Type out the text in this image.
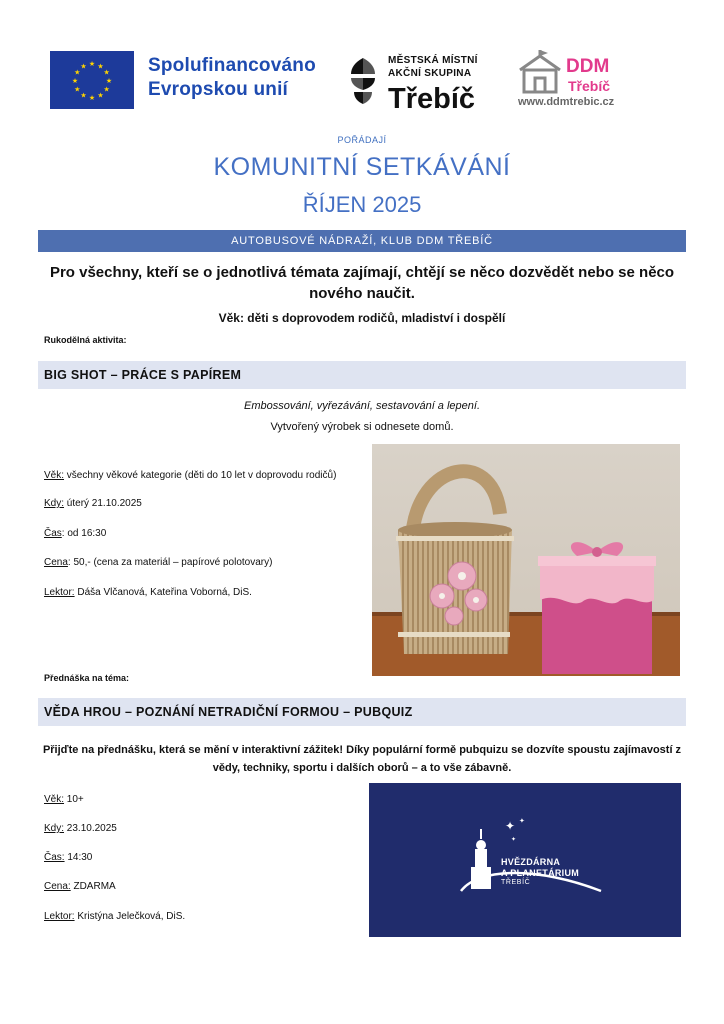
★ ★
★
★
★
★
★
★
★
★
★
★	Spolufinancováno
Evropskou unií
MĚSTSKÁ MÍSTNÍ
AKČNÍ SKUPINA
Třebíč
DDM
Třebíč
www.ddmtrebic.cz
POŘÁDAJÍ
KOMUNITNÍ SETKÁVÁNÍ
ŘÍJEN 2025
AUTOBUSOVÉ NÁDRAŽÍ, KLUB DDM TŘEBÍČ
Pro všechny, kteří se o jednotlivá témata zajímají, chtějí se něco dozvědět nebo se něco nového naučit.
Věk: děti s doprovodem rodičů, mladiství i dospělí
Rukodělná aktivita:
BIG SHOT – PRÁCE S PAPÍREM
Embossování, vyřezávání, sestavování a lepení.
Vytvořený výrobek si odnesete domů.
Věk: všechny věkové kategorie (děti do 10 let v doprovodu rodičů)
Kdy: úterý 21.10.2025
Čas: od 16:30
Cena: 50,- (cena za materiál – papírové polotovary)
Lektor: Dáša Vlčanová, Kateřina Voborná, DiS.
Přednáška na téma:
VĚDA HROU – POZNÁNÍ NETRADIČNÍ FORMOU – PUBQUIZ
Přijďte na přednášku, která se mění v interaktivní zážitek! Díky populární formě pubquizu se dozvíte spoustu zajímavostí z vědy, techniky, sportu i dalších oborů – a to vše zábavně.
Věk: 10+
Kdy: 23.10.2025
Čas: 14:30
Cena: ZDARMA
Lektor: Kristýna Jelečková, DiS.
✦ ✦
✦
HVĚZDÁRNA
A PLANETÁRIUM
TŘEBÍČ
